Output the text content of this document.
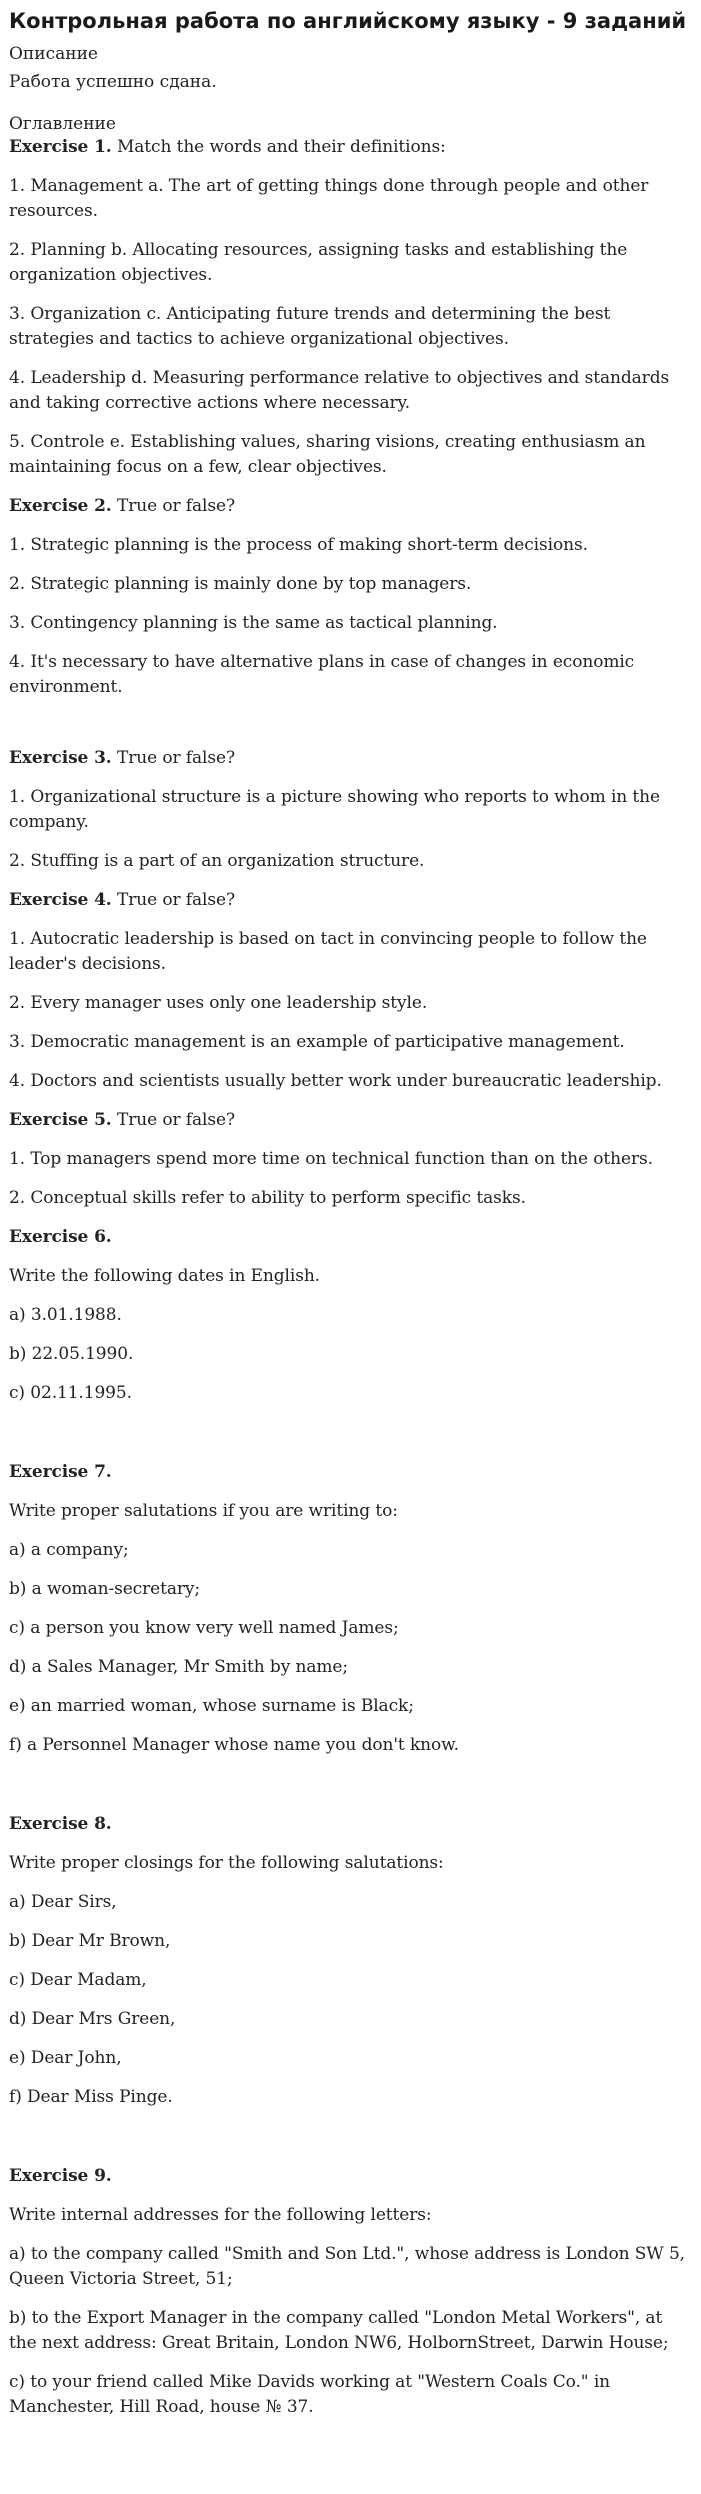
Контрольная работа по английскому языку - 9 заданий
Описание
Работа успешно сдана.
Оглавление

Exercise 1. Match the words and their definitions:

1. Management a. The art of getting things done through people and other resources.

2. Planning b. Allocating resources, assigning tasks and establishing the organization objectives.

3. Organization c. Anticipating future trends and determining the best strategies and tactics to achieve organizational objectives.

4. Leadership d. Measuring performance relative to objectives and standards and taking corrective actions where necessary.

5. Controle e. Establishing values, sharing visions, creating enthusiasm an maintaining focus on a few, clear objectives.

Exercise 2. True or false?

1. Strategic planning is the process of making short-term decisions.

2. Strategic planning is mainly done by top managers.

3. Contingency planning is the same as tactical planning.

4. It's necessary to have alternative plans in case of changes in economic environment.

Exercise 3. True or false?

1. Organizational structure is a picture showing who reports to whom in the company.

2. Stuffing is a part of an organization structure.

Exercise 4. True or false?

1. Autocratic leadership is based on tact in convincing people to follow the leader's decisions.

2. Every manager uses only one leadership style.

3. Democratic management is an example of participative management.

4. Doctors and scientists usually better work under bureaucratic leadership.

Exercise 5. True or false?

1. Top managers spend more time on technical function than on the others.

2. Conceptual skills refer to ability to perform specific tasks.

Exercise 6.

Write the following dates in English.

a) 3.01.1988.

b) 22.05.1990.

c) 02.11.1995.

Exercise 7.

Write proper salutations if you are writing to:

a) a company;

b) a woman-secretary;

c) a person you know very well named James;

d) a Sales Manager, Mr Smith by name;

e) an married woman, whose surname is Black;

f) a Personnel Manager whose name you don't know.

Exercise 8.

Write proper closings for the following salutations:

a) Dear Sirs,

b) Dear Mr Brown,

c) Dear Madam,

d) Dear Mrs Green,

e) Dear John,

f) Dear Miss Pinge.

Exercise 9.

Write internal addresses for the following letters:

a) to the company called "Smith and Son Ltd.", whose address is London SW 5, Queen Victoria Street, 51;

b) to the Export Manager in the company called "London Metal Workers", at the next address: Great Britain, London NW6, HolbornStreet, Darwin House;

c) to your friend called Mike Davids working at "Western Coals Co." in Manchester, Hill Road, house № 37.
